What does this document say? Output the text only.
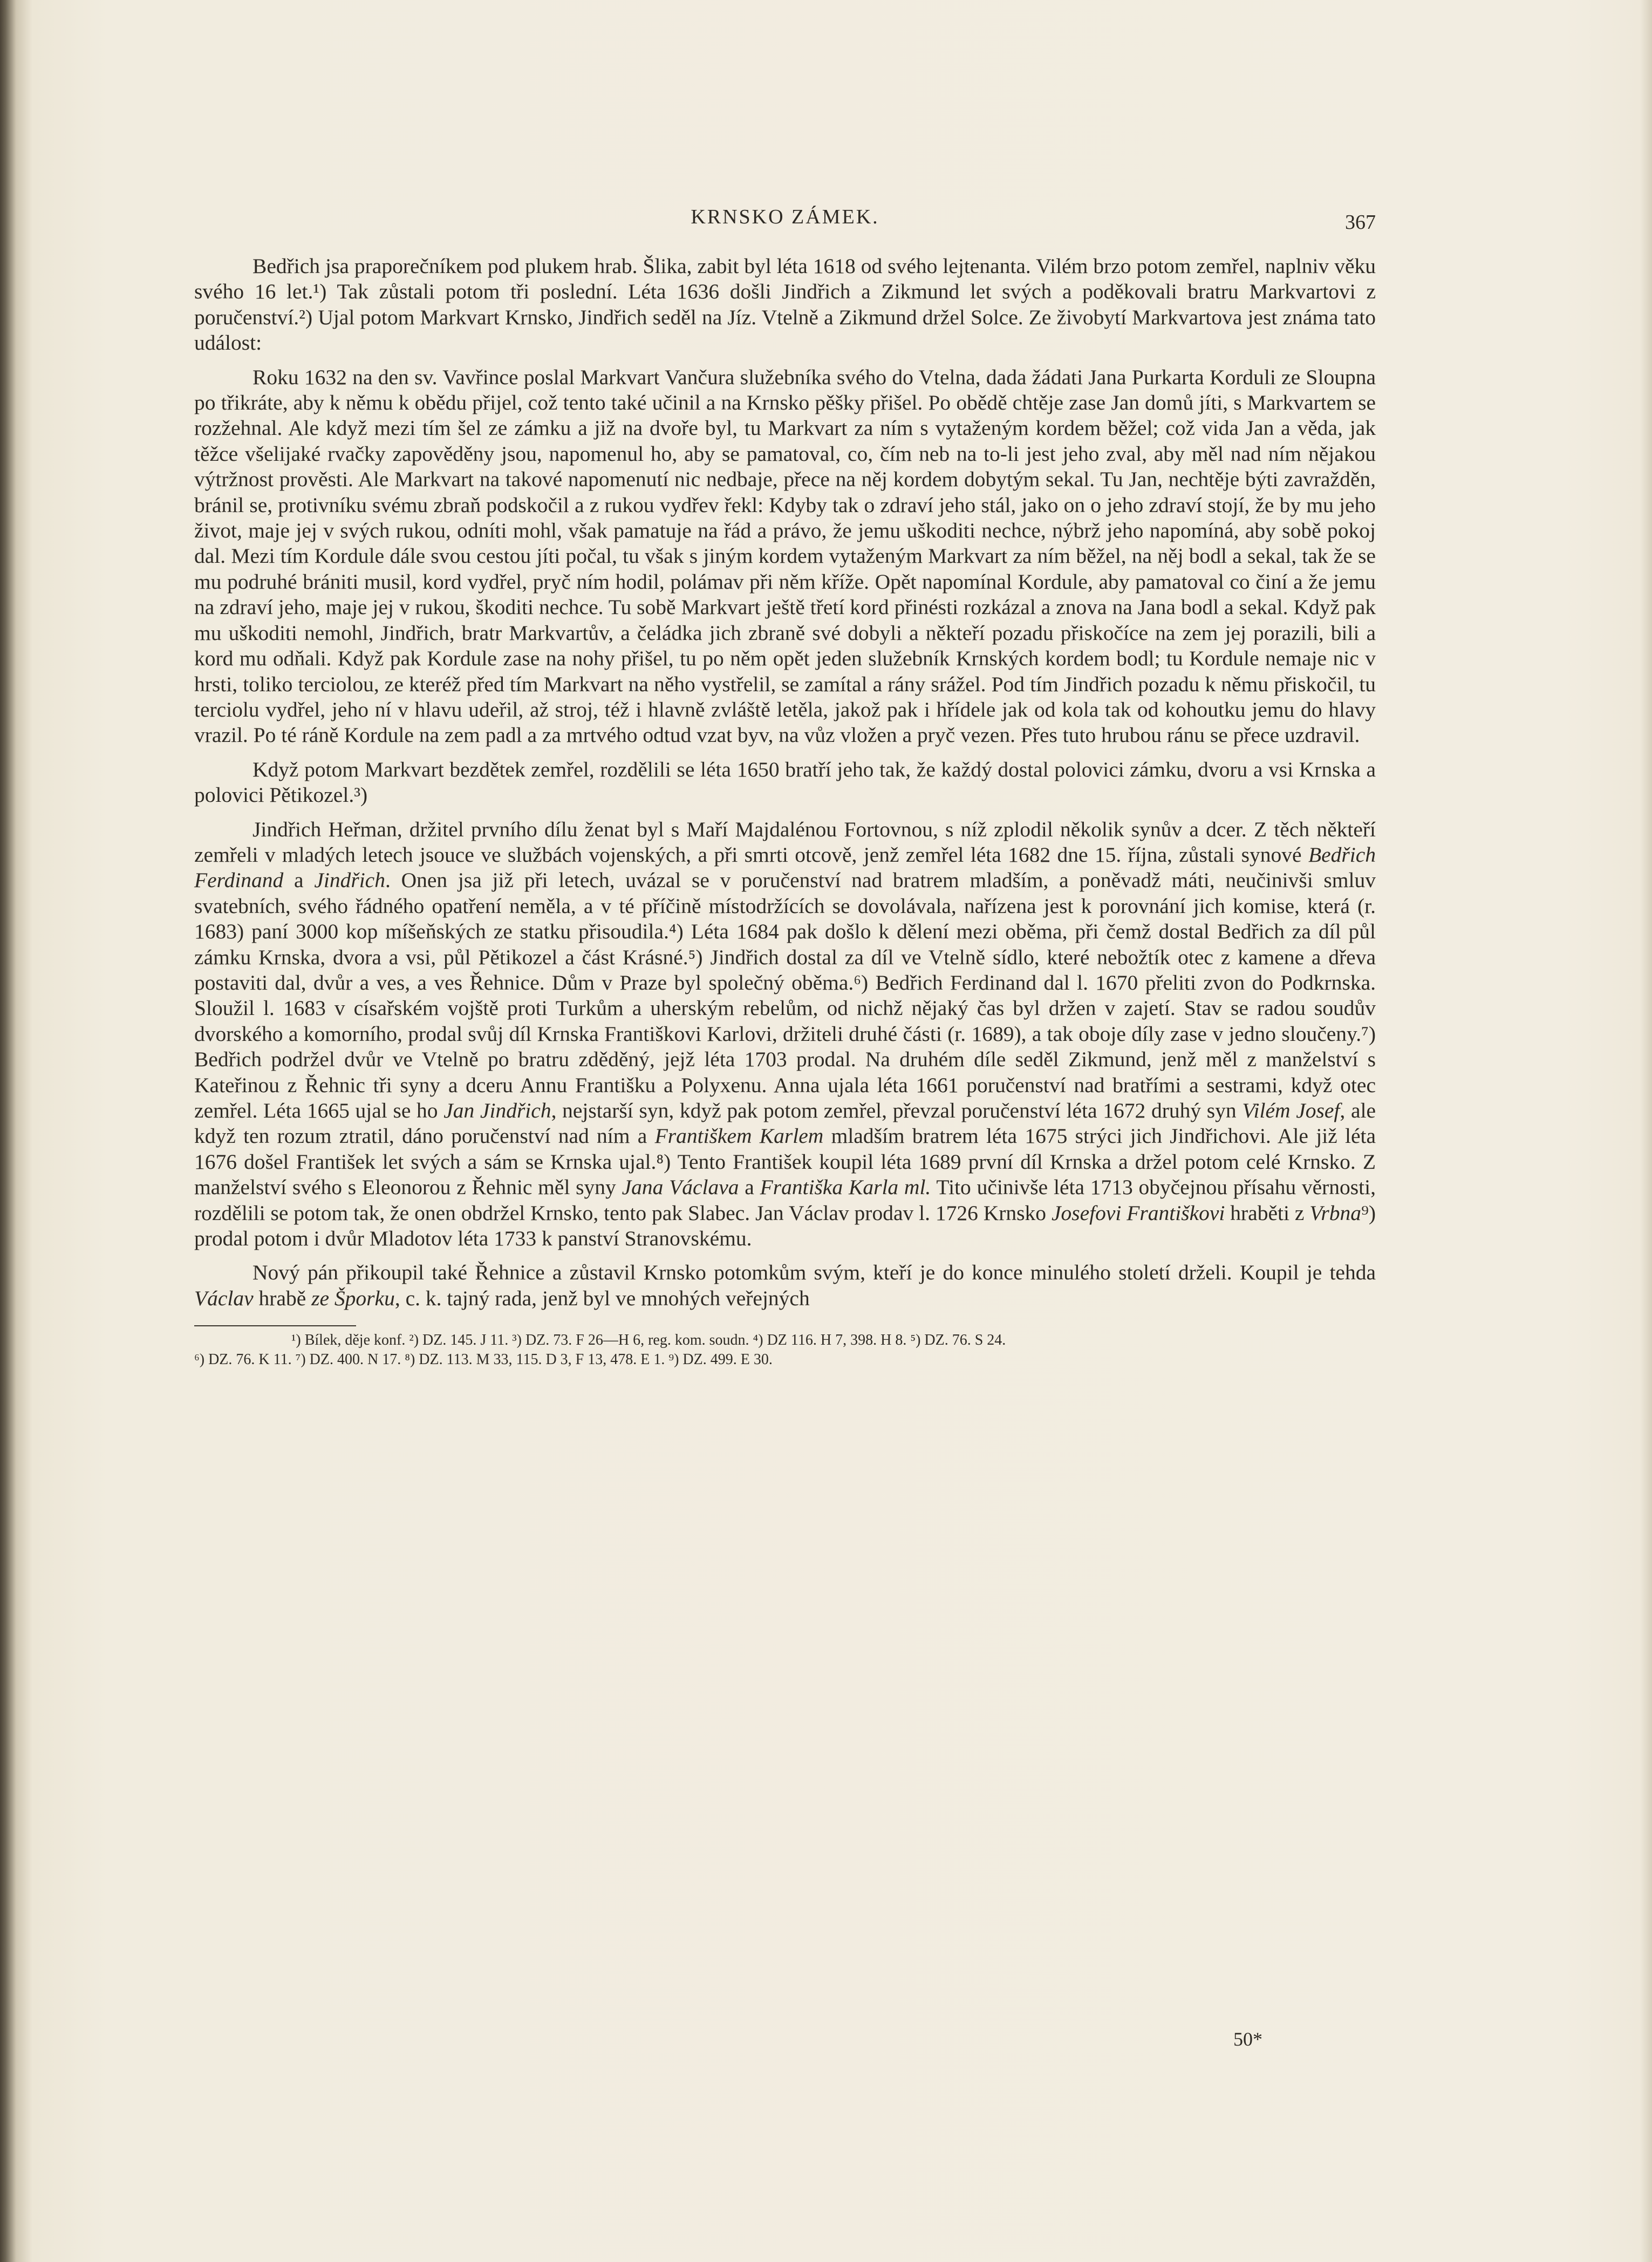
KRNSKO ZÁMEK.	367

Bedřich jsa praporečníkem pod plukem hrab. Šlika, zabit byl léta 1618 od svého lejtenanta. Vilém brzo potom zemřel, naplniv věku svého 16 let.¹) Tak zůstali potom tři poslední. Léta 1636 došli Jindřich a Zikmund let svých a poděkovali bratru Markvartovi z poručenství.²) Ujal potom Markvart Krnsko, Jindřich seděl na Jíz. Vtelně a Zikmund držel Solce. Ze živobytí Markvartova jest známa tato událost:

Roku 1632 na den sv. Vavřince poslal Markvart Vančura služebníka svého do Vtelna, dada žádati Jana Purkarta Korduli ze Sloupna po třikráte, aby k němu k obědu přijel, což tento také učinil a na Krnsko pěšky přišel. Po obědě chtěje zase Jan domů jíti, s Markvartem se rozžehnal. Ale když mezi tím šel ze zámku a již na dvoře byl, tu Markvart za ním s vytaženým kordem běžel; což vida Jan a věda, jak těžce všelijaké rvačky zapověděny jsou, napomenul ho, aby se pamatoval, co, čím neb na to-li jest jeho zval, aby měl nad ním nějakou výtržnost prověsti. Ale Markvart na takové napomenutí nic nedbaje, přece na něj kordem dobytým sekal. Tu Jan, nechtěje býti zavražděn, bránil se, protivníku svému zbraň podskočil a z rukou vydřev řekl: Kdyby tak o zdraví jeho stál, jako on o jeho zdraví stojí, že by mu jeho život, maje jej v svých rukou, odníti mohl, však pamatuje na řád a právo, že jemu uškoditi nechce, nýbrž jeho napomíná, aby sobě pokoj dal. Mezi tím Kordule dále svou cestou jíti počal, tu však s jiným kordem vytaženým Markvart za ním běžel, na něj bodl a sekal, tak že se mu podruhé brániti musil, kord vydřel, pryč ním hodil, polámav při něm kříže. Opět napomínal Kordule, aby pamatoval co činí a že jemu na zdraví jeho, maje jej v rukou, škoditi nechce. Tu sobě Markvart ještě třetí kord přinésti rozkázal a znova na Jana bodl a sekal. Když pak mu uškoditi nemohl, Jindřich, bratr Markvartův, a čeládka jich zbraně své dobyli a někteří pozadu přiskočíce na zem jej porazili, bili a kord mu odňali. Když pak Kordule zase na nohy přišel, tu po něm opět jeden služebník Krnských kordem bodl; tu Kordule nemaje nic v hrsti, toliko terciolou, ze kteréž před tím Markvart na něho vystřelil, se zamítal a rány srážel. Pod tím Jindřich pozadu k němu přiskočil, tu terciolu vydřel, jeho ní v hlavu udeřil, až stroj, též i hlavně zvláště letěla, jakož pak i hřídele jak od kola tak od kohoutku jemu do hlavy vrazil. Po té ráně Kordule na zem padl a za mrtvého odtud vzat byv, na vůz vložen a pryč vezen. Přes tuto hrubou ránu se přece uzdravil.

Když potom Markvart bezdětek zemřel, rozdělili se léta 1650 bratří jeho tak, že každý dostal polovici zámku, dvoru a vsi Krnska a polovici Pětikozel.³)

Jindřich Heřman, držitel prvního dílu ženat byl s Maří Majdalénou Fortovnou, s níž zplodil několik synův a dcer. Z těch někteří zemřeli v mladých letech jsouce ve službách vojenských, a při smrti otcově, jenž zemřel léta 1682 dne 15. října, zůstali synové Bedřich Ferdinand a Jindřich. Onen jsa již při letech, uvázal se v poručenství nad bratrem mladším, a poněvadž máti, neučinivši smluv svatebních, svého řádného opatření neměla, a v té příčině místodržících se dovolávala, nařízena jest k porovnání jich komise, která (r. 1683) paní 3000 kop míšeňských ze statku přisoudila.⁴) Léta 1684 pak došlo k dělení mezi oběma, při čemž dostal Bedřich za díl půl zámku Krnska, dvora a vsi, půl Pětikozel a část Krásné.⁵) Jindřich dostal za díl ve Vtelně sídlo, které nebožtík otec z kamene a dřeva postaviti dal, dvůr a ves, a ves Řehnice. Dům v Praze byl společný oběma.⁶) Bedřich Ferdinand dal l. 1670 přeliti zvon do Podkrnska. Sloužil l. 1683 v císařském vojště proti Turkům a uherským rebelům, od nichž nějaký čas byl držen v zajetí. Stav se radou soudův dvorského a komorního, prodal svůj díl Krnska Františkovi Karlovi, držiteli druhé části (r. 1689), a tak oboje díly zase v jedno sloučeny.⁷) Bedřich podržel dvůr ve Vtelně po bratru zděděný, jejž léta 1703 prodal. Na druhém díle seděl Zikmund, jenž měl z manželství s Kateřinou z Řehnic tři syny a dceru Annu Františku a Polyxenu. Anna ujala léta 1661 poručenství nad bratřími a sestrami, když otec zemřel. Léta 1665 ujal se ho Jan Jindřich, nejstarší syn, když pak potom zemřel, převzal poručenství léta 1672 druhý syn Vilém Josef, ale když ten rozum ztratil, dáno poručenství nad ním a Františkem Karlem mladším bratrem léta 1675 strýci jich Jindřichovi. Ale již léta 1676 došel František let svých a sám se Krnska ujal.⁸) Tento František koupil léta 1689 první díl Krnska a držel potom celé Krnsko. Z manželství svého s Eleonorou z Řehnic měl syny Jana Václava a Františka Karla ml. Tito učinivše léta 1713 obyčejnou přísahu věrnosti, rozdělili se potom tak, že onen obdržel Krnsko, tento pak Slabec. Jan Václav prodav l. 1726 Krnsko Josefovi Františkovi hraběti z Vrbna⁹) prodal potom i dvůr Mladotov léta 1733 k panství Stranovskému.

Nový pán přikoupil také Řehnice a zůstavil Krnsko potomkům svým, kteří je do konce minulého století drželi. Koupil je tehda Václav hrabě ze Šporku, c. k. tajný rada, jenž byl ve mnohých veřejných

¹) Bílek, děje konf. ²) DZ. 145. J 11. ³) DZ. 73. F 26—H 6, reg. kom. soudn. ⁴) DZ 116. H 7, 398. H 8. ⁵) DZ. 76. S 24.

⁶) DZ. 76. K 11. ⁷) DZ. 400. N 17. ⁸) DZ. 113. M 33, 115. D 3, F 13, 478. E 1. ⁹) DZ. 499. E 30.

50*
